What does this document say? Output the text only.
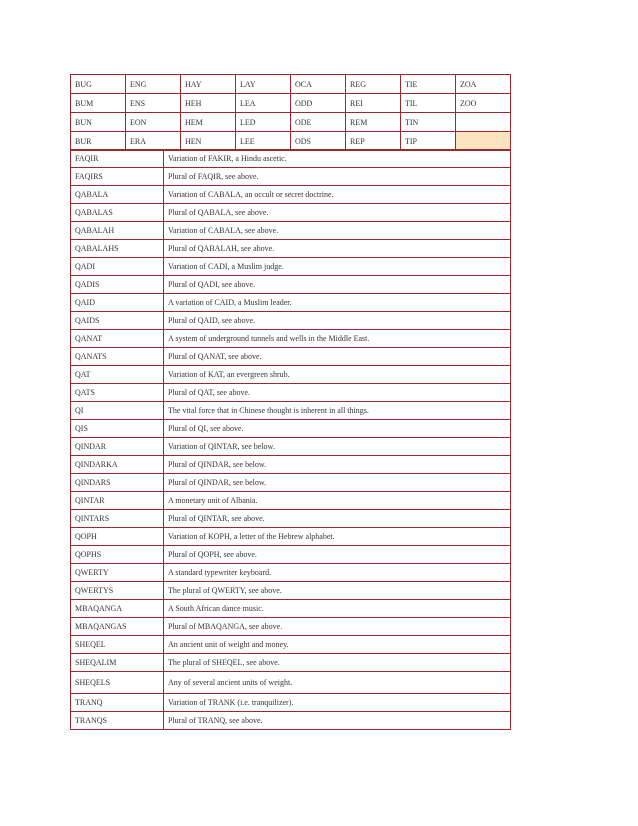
BUG	ENG	HAY	LAY	OCA	REG	TIE	ZOA
BUM	ENS	HEH	LEA	ODD	REI	TIL	ZOO
BUN	EON	HEM	LED	ODE	REM	TIN	
BUR	ERA	HEN	LEE	ODS	REP	TIP	
FAQIR	Variation of FAKIR, a Hindu ascetic.
FAQIRS	Plural of FAQIR, see above.
QABALA	Variation of CABALA, an occult or secret doctrine.
QABALAS	Plural of QABALA, see above.
QABALAH	Variation of CABALA, see above.
QABALAHS	Plural of QABALAH, see above.
QADI	Variation of CADI, a Muslim judge.
QADIS	Plural of QADI, see above.
QAID	A variation of CAID, a Muslim leader.
QAIDS	Plural of QAID, see above.
QANAT	A system of underground tunnels and wells in the Middle East.
QANATS	Plural of QANAT, see above.
QAT	Variation of KAT, an evergreen shrub.
QATS	Plural of QAT, see above.
QI	The vital force that in Chinese thought is inherent in all things.
QIS	Plural of QI, see above.
QINDAR	Variation of QINTAR, see below.
QINDARKA	Plural of QINDAR, see below.
QINDARS	Plural of QINDAR, see below.
QINTAR	A monetary unit of Albania.
QINTARS	Plural of QINTAR, see above.
QOPH	Variation of KOPH, a letter of the Hebrew alphabet.
QOPHS	Plural of QOPH, see above.
QWERTY	A standard typewriter keyboard.
QWERTYS	The plural of QWERTY, see above.
MBAQANGA	A South African dance music.
MBAQANGAS	Plural of MBAQANGA, see above.
SHEQEL	An ancient unit of weight and money.
SHEQALIM	The plural of SHEQEL, see above.
SHEQELS	Any of several ancient units of weight.
TRANQ	Variation of TRANK (i.e. tranquilizer).
TRANQS	Plural of TRANQ, see above.
